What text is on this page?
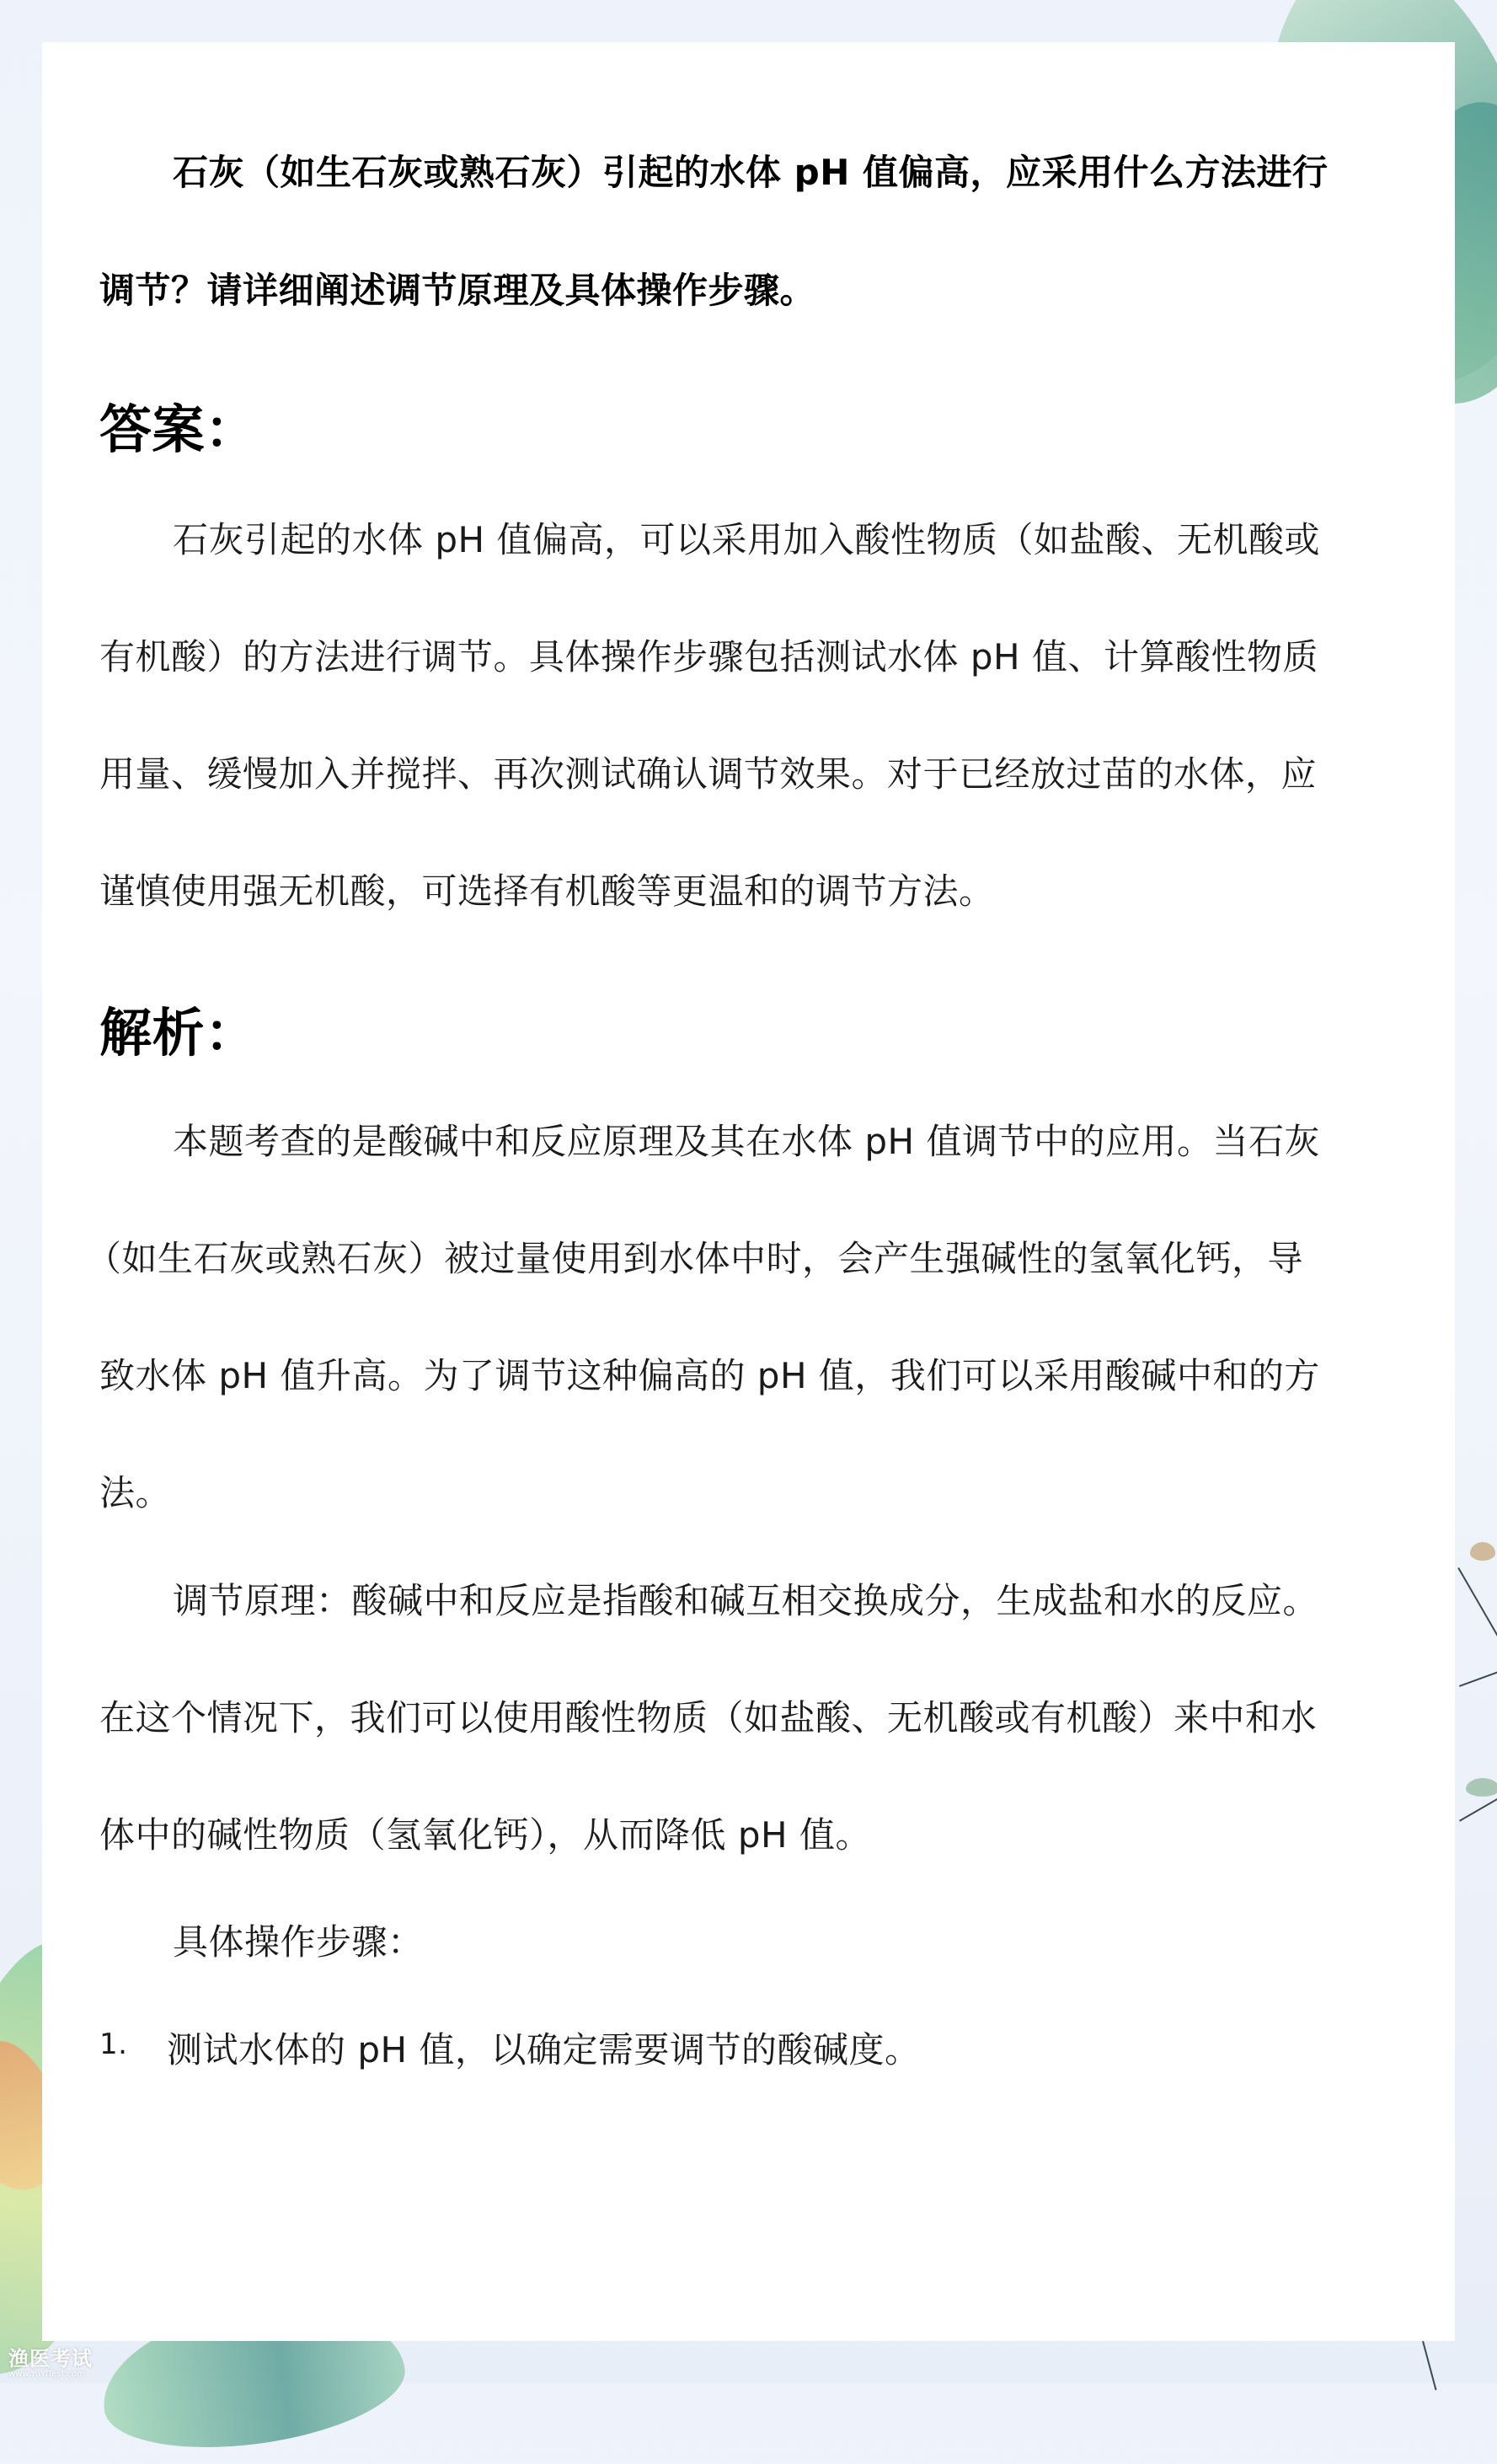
石灰（如生石灰或熟石灰）引起的水体 pH 值偏高，应采用什么方法进行
调节？请详细阐述调节原理及具体操作步骤。
答案：
石灰引起的水体 pH 值偏高，可以采用加入酸性物质（如盐酸、无机酸或
有机酸）的方法进行调节。具体操作步骤包括测试水体 pH 值、计算酸性物质
用量、缓慢加入并搅拌、再次测试确认调节效果。对于已经放过苗的水体，应
谨慎使用强无机酸，可选择有机酸等更温和的调节方法。
解析：
本题考查的是酸碱中和反应原理及其在水体 pH 值调节中的应用。当石灰
（如生石灰或熟石灰）被过量使用到水体中时，会产生强碱性的氢氧化钙，导
致水体 pH 值升高。为了调节这种偏高的 pH 值，我们可以采用酸碱中和的方
法。
调节原理：酸碱中和反应是指酸和碱互相交换成分，生成盐和水的反应。
在这个情况下，我们可以使用酸性物质（如盐酸、无机酸或有机酸）来中和水
体中的碱性物质（氢氧化钙），从而降低 pH 值。
具体操作步骤：
1. 测试水体的 pH 值，以确定需要调节的酸碱度。
渔医考试
www.YuYiTest.com
